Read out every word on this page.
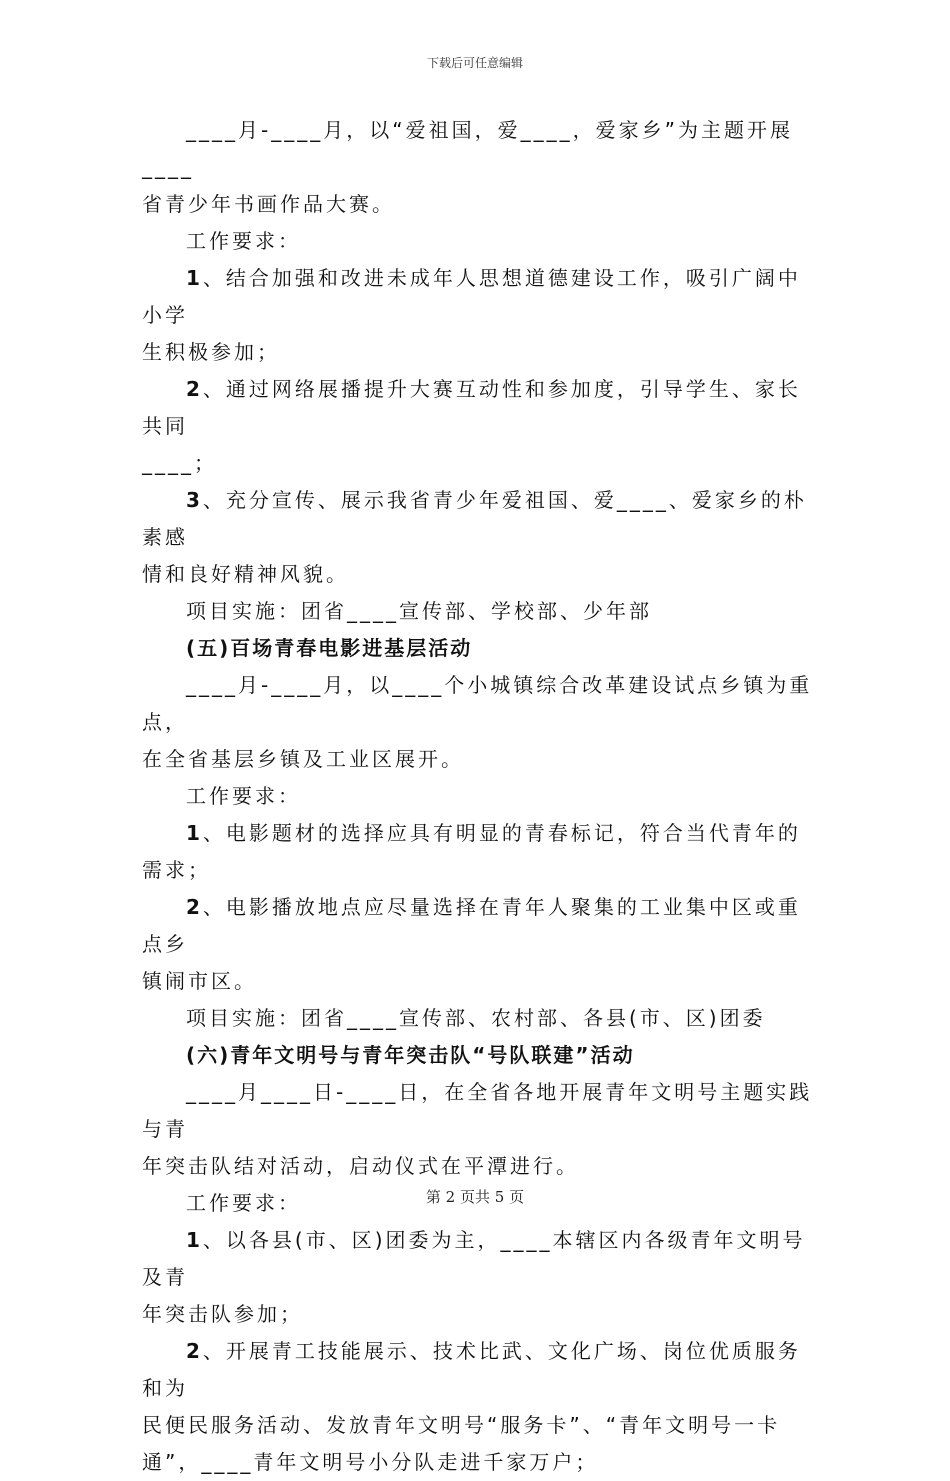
下载后可任意编辑

____月-____月，以“爱祖国，爱____，爱家乡”为主题开展____

省青少年书画作品大赛。

工作要求：

1、结合加强和改进未成年人思想道德建设工作，吸引广阔中小学

生积极参加；

2、通过网络展播提升大赛互动性和参加度，引导学生、家长共同

____；

3、充分宣传、展示我省青少年爱祖国、爱____、爱家乡的朴素感

情和良好精神风貌。

项目实施：团省____宣传部、学校部、少年部

(五)百场青春电影进基层活动

____月-____月，以____个小城镇综合改革建设试点乡镇为重点，

在全省基层乡镇及工业区展开。

工作要求：

1、电影题材的选择应具有明显的青春标记，符合当代青年的需求；

2、电影播放地点应尽量选择在青年人聚集的工业集中区或重点乡

镇闹市区。

项目实施：团省____宣传部、农村部、各县(市、区)团委

(六)青年文明号与青年突击队“号队联建”活动

____月____日-____日，在全省各地开展青年文明号主题实践与青

年突击队结对活动，启动仪式在平潭进行。

工作要求：

1、以各县(市、区)团委为主，____本辖区内各级青年文明号及青

年突击队参加；

2、开展青工技能展示、技术比武、文化广场、岗位优质服务和为

民便民服务活动、发放青年文明号“服务卡”、“青年文明号一卡

通”，____青年文明号小分队走进千家万户；

第 2 页共 5 页
